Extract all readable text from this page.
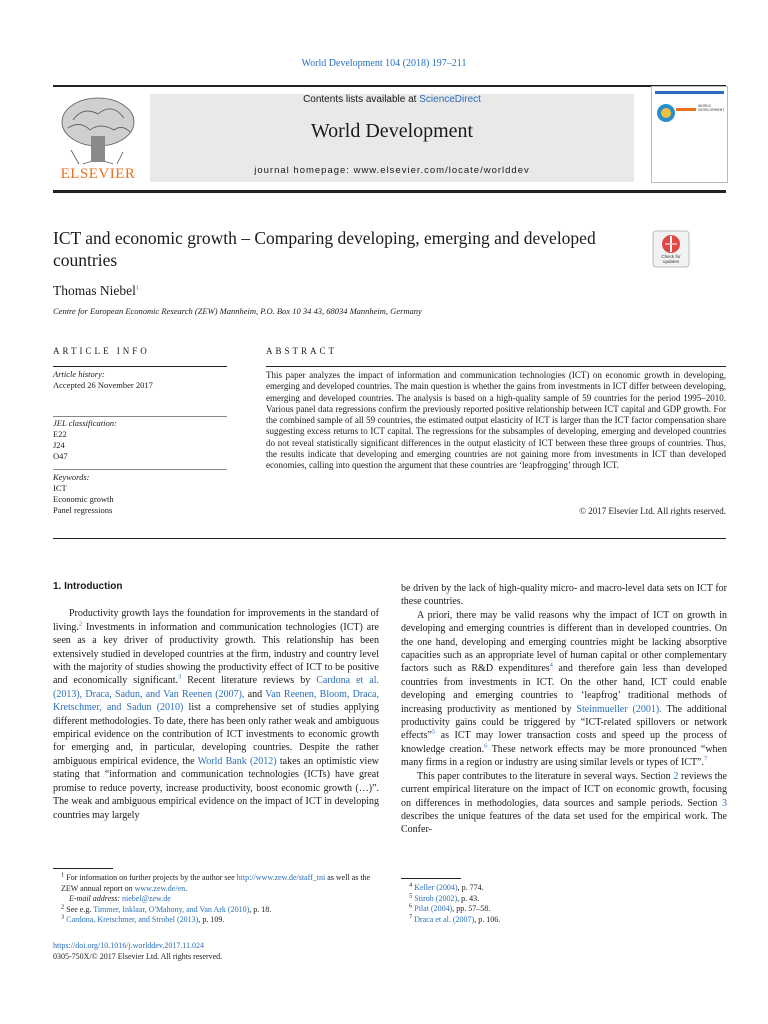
World Development 104 (2018) 197–211
ELSEVIER
Contents lists available at ScienceDirect
World Development
journal homepage: www.elsevier.com/locate/worlddev
WORLD DEVELOPMENT
ICT and economic growth – Comparing developing, emerging and developed countries	Check for updates
Thomas Niebel$^1$
Centre for European Economic Research (ZEW) Mannheim, P.O. Box 10 34 43, 68034 Mannheim, Germany
ARTICLE INFO	ABSTRACT
Article history:
Accepted 26 November 2017
JEL classification:
E22
J24
O47
Keywords:
ICT
Economic growth
Panel regressions
This paper analyzes the impact of information and communication technologies (ICT) on economic growth in developing, emerging and developed countries. The main question is whether the gains from investments in ICT differ between developing, emerging and developed countries. The analysis is based on a high-quality sample of 59 countries for the period 1995–2010. Various panel data regressions confirm the previously reported positive relationship between ICT capital and GDP growth. For the combined sample of all 59 countries, the estimated output elasticity of ICT is larger than the ICT factor compensation share suggesting excess returns to ICT capital. The regressions for the subsamples of developing, emerging and developed countries do not reveal statistically significant differences in the output elasticity of ICT between these three groups of countries. Thus, the results indicate that developing and emerging countries are not gaining more from investments in ICT than developed economies, calling into question the argument that these countries are ‘leapfrogging’ through ICT.
© 2017 Elsevier Ltd. All rights reserved.
1. Introduction

Productivity growth lays the foundation for improvements in the standard of living.$^2$ Investments in information and communication technologies (ICT) are seen as a key driver of productivity growth. This relationship has been extensively studied in developed countries at the firm, industry and country level with the majority of studies showing the productivity effect of ICT to be positive and economically significant.$^3$ Recent literature reviews by Cardona et al. (2013), Draca, Sadun, and Van Reenen (2007), and Van Reenen, Bloom, Draca, Kretschmer, and Sadun (2010) list a comprehensive set of studies applying different methodologies. To date, there has been only rather weak and ambiguous empirical evidence on the contribution of ICT investments to economic growth for emerging and, in particular, developing countries. Despite the rather ambiguous empirical evidence, the World Bank (2012) takes an optimistic view stating that “information and communication technologies (ICTs) have great promise to reduce poverty, increase productivity, boost economic growth (…)”. The weak and ambiguous empirical evidence on the impact of ICT in developing countries may largely

be driven by the lack of high-quality micro- and macro-level data sets on ICT for these countries.

A priori, there may be valid reasons why the impact of ICT on growth in developing and emerging countries is different than in developed countries. On the one hand, developing and emerging countries might be lacking absorptive capacities such as an appropriate level of human capital or other complementary factors such as R&D expenditures$^4$ and therefore gain less than developed countries from investments in ICT. On the other hand, ICT could enable developing and emerging countries to ‘leapfrog’ traditional methods of increasing productivity as mentioned by Steinmueller (2001). The additional productivity gains could be triggered by “ICT-related spillovers or network effects”$^5$ as ICT may lower transaction costs and speed up the process of knowledge creation.$^6$ These network effects may be more pronounced “when many firms in a region or industry are using similar levels or types of ICT”.$^7$

This paper contributes to the literature in several ways. Section 2 reviews the current empirical literature on the impact of ICT on economic growth, focusing on differences in methodologies, data sources and sample periods. Section 3 describes the unique features of the data set used for the empirical work. The Confer-

$^1$ For information on further projects by the author see http://www.zew.de/staff_tni as well as the ZEW annual report on www.zew.de/en.
E-mail address: niebel@zew.de
$^2$ See e.g. Timmer, Inklaar, O'Mahony, and Van Ark (2010), p. 18.
$^3$ Cardona, Kretschmer, and Strobel (2013), p. 109.
$^4$ Keller (2004), p. 774.
$^5$ Stiroh (2002), p. 43.
$^6$ Pilat (2004), pp. 57–58.
$^7$ Draca et al. (2007), p. 106.
https://doi.org/10.1016/j.worlddev.2017.11.024
0305-750X/© 2017 Elsevier Ltd. All rights reserved.
